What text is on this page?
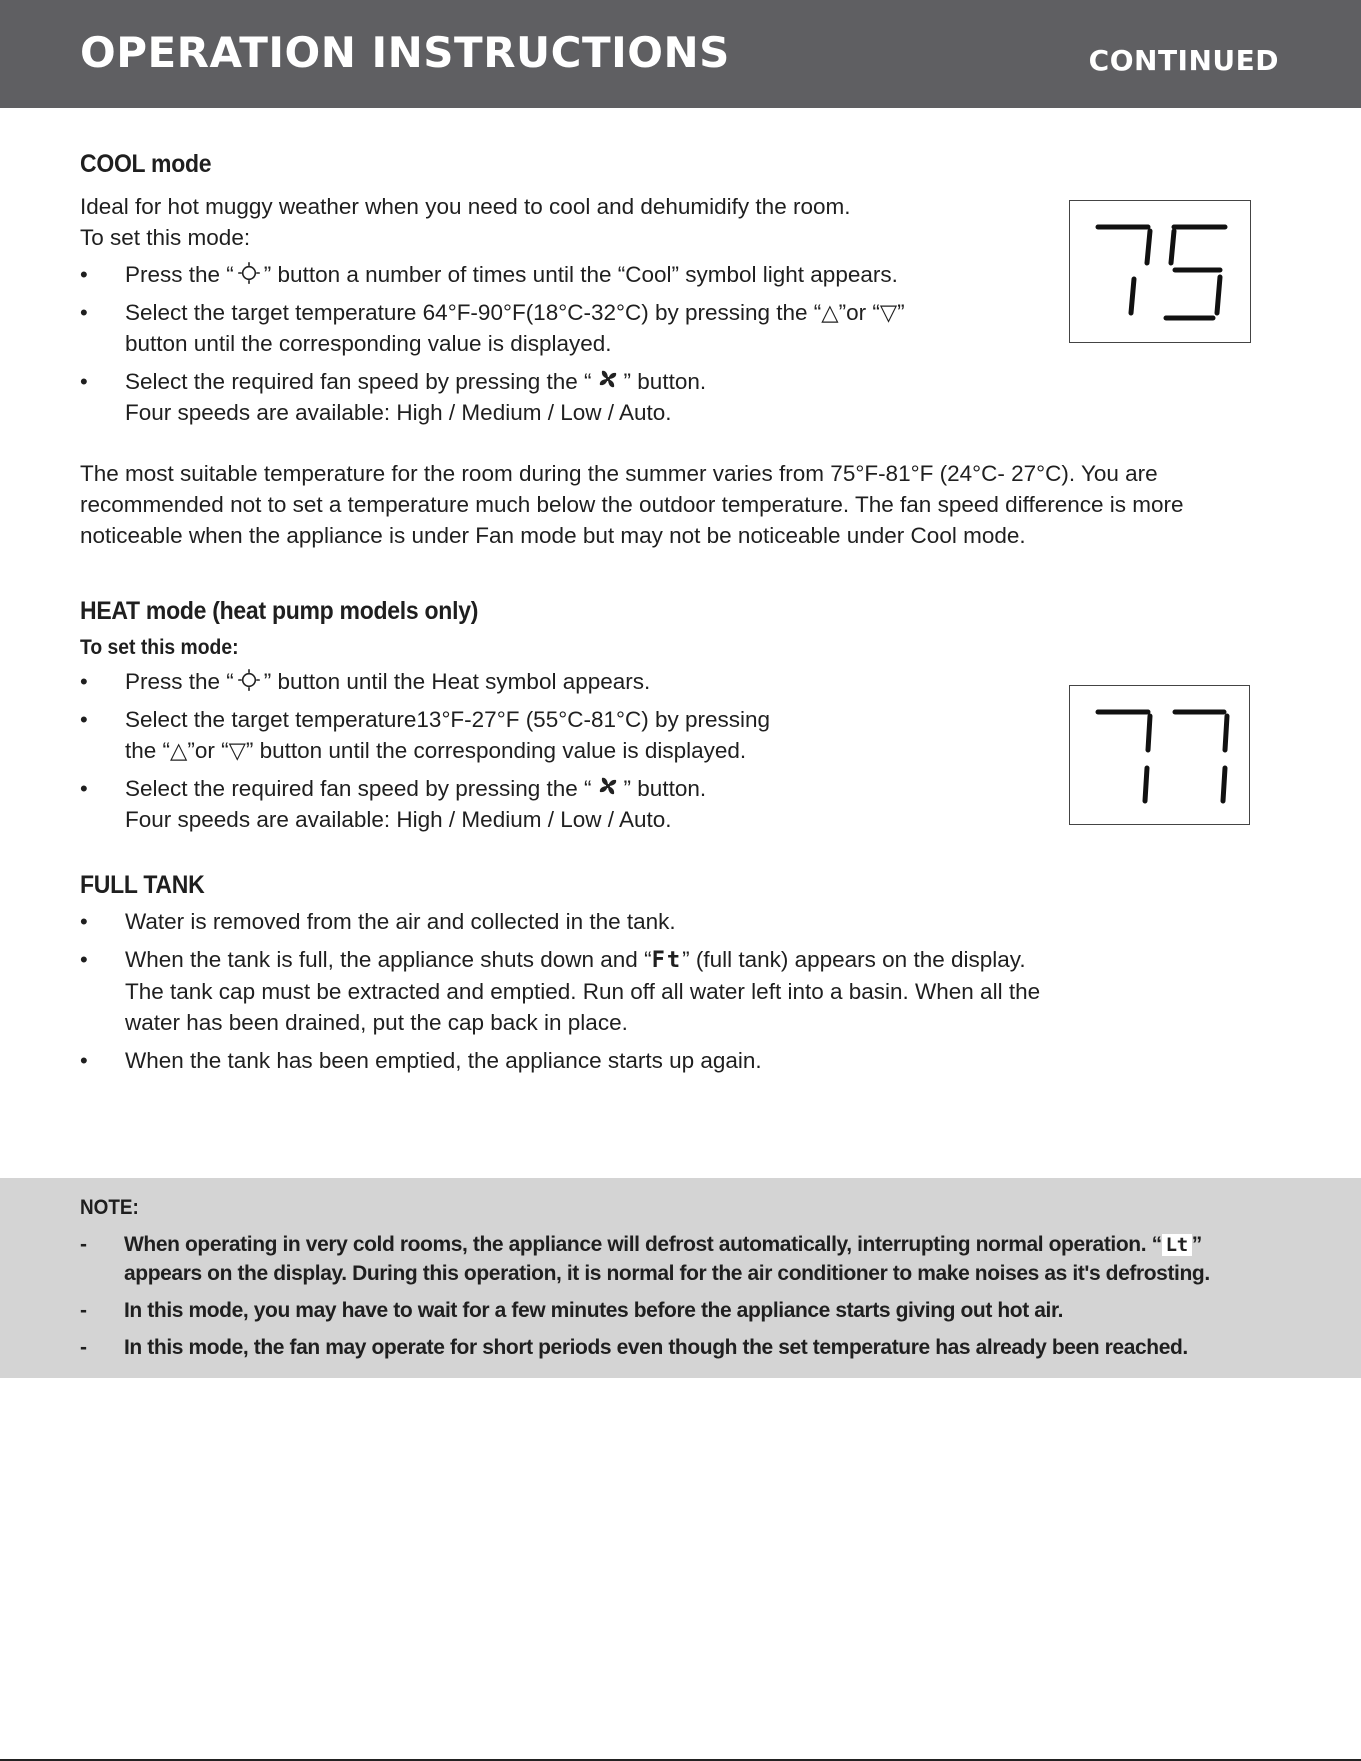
OPERATION INSTRUCTIONS	CONTINUED
COOL mode

Ideal for hot muggy weather when you need to cool and dehumidify the room.

To set this mode:

•	Press the “ ” button a number of times until the “Cool” symbol light appears.
•	Select the target temperature 64°F-90°F(18°C-32°C) by pressing the “△”or “▽”
button until the corresponding value is displayed.
•	Select the required fan speed by pressing the “ ” button.
Four speeds are available: High / Medium / Low / Auto.

The most suitable temperature for the room during the summer varies from 75°F-81°F (24°C- 27°C). You are recommended not to set a temperature much below the outdoor temperature. The fan speed difference is more noticeable when the appliance is under Fan mode but may not be noticeable under Cool mode.

HEAT mode (heat pump models only)
To set this mode:
•	Press the “ ” button until the Heat symbol appears.
•	Select the target temperature13°F-27°F (55°C-81°C) by pressing
the “△”or “▽” button until the corresponding value is displayed.
•	Select the required fan speed by pressing the “ ” button.
Four speeds are available: High / Medium / Low / Auto.
FULL TANK
•	Water is removed from the air and collected in the tank.
•	When the tank is full, the appliance shuts down and “Ft” (full tank) appears on the display.
The tank cap must be extracted and emptied. Run off all water left into a basin. When all the
water has been drained, put the cap back in place.
•	When the tank has been emptied, the appliance starts up again.
NOTE:
- When operating in very cold rooms, the appliance will defrost automatically, interrupting normal operation. “ Lt ”
appears on the display. During this operation, it is normal for the air conditioner to make noises as it's defrosting.
- In this mode, you may have to wait for a few minutes before the appliance starts giving out hot air.
- In this mode, the fan may operate for short periods even though the set temperature has already been reached.
